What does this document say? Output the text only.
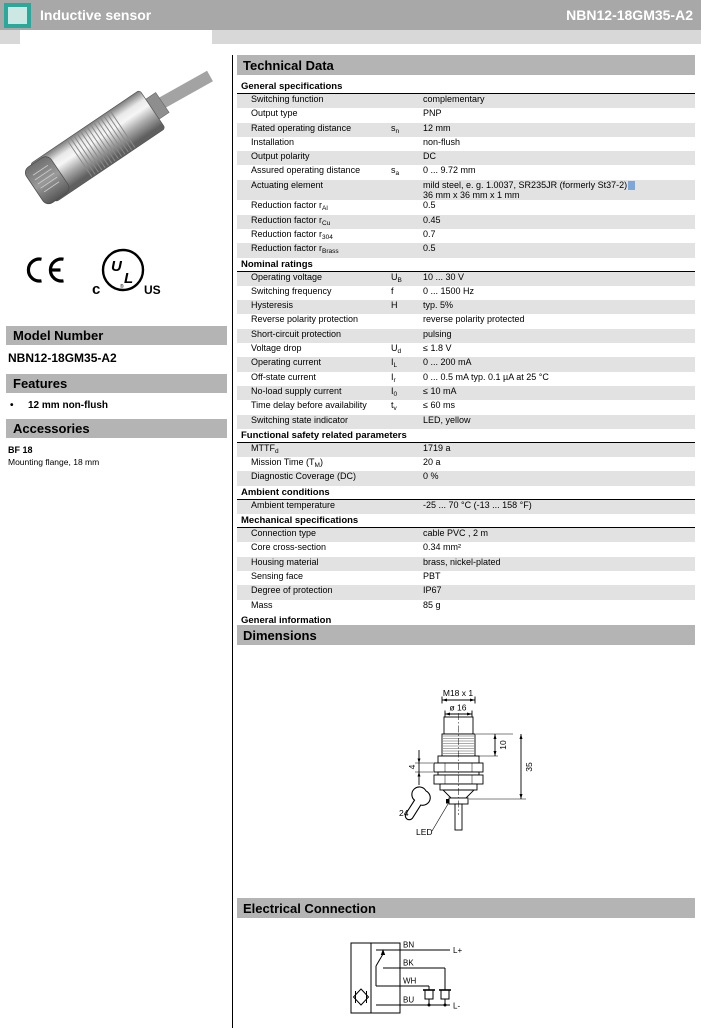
Inductive sensor	NBN12-18GM35-A2
U
L
®
c	US
Model Number
NBN12-18GM35-A2
Features
•	12 mm non-flush
Accessories
BF 18
Mounting flange, 18 mm
Technical Data
General specifications
Switching function	complementary
Output type	PNP
Rated operating distance	$s_n$	12 mm
Installation	non-flush
Output polarity	DC
Assured operating distance	$s_a$	0 ... 9.72 mm
Actuating element	mild steel, e. g. 1.0037, SR235JR (formerly St37-2)
36 mm x 36 mm x 1 mm
Reduction factor $r_{Al}$	0.5
Reduction factor $r_{Cu}$	0.45
Reduction factor $r_{304}$	0.7
Reduction factor $r_{Brass}$	0.5
Nominal ratings
Operating voltage	$U_B$	10 ... 30 V
Switching frequency	f	0 ... 1500 Hz
Hysteresis	H	typ. 5%
Reverse polarity protection	reverse polarity protected
Short-circuit protection	pulsing
Voltage drop	$U_d$	≤ 1.8 V
Operating current	$I_L$	0 ... 200 mA
Off-state current	$I_r$	0 ... 0.5 mA typ. 0.1 µA at 25 °C
No-load supply current	$I_0$	≤ 10 mA
Time delay before availability	$t_v$	≤ 60 ms
Switching state indicator	LED, yellow
Functional safety related parameters
$MTTF_d$	1719 a
Mission Time $(T_M)$	20 a
Diagnostic Coverage (DC)	0 %
Ambient conditions
Ambient temperature	-25 ... 70 °C (-13 ... 158 °F)
Mechanical specifications
Connection type	cable PVC , 2 m
Core cross-section	0.34 mm²
Housing material	brass, nickel-plated
Sensing face	PBT
Degree of protection	IP67
Mass	85 g
General information
Dimensions
M18 x 1
ø 16
10
35
4
24
LED
Electrical Connection
BN
BK
WH
BU
L+
L-
